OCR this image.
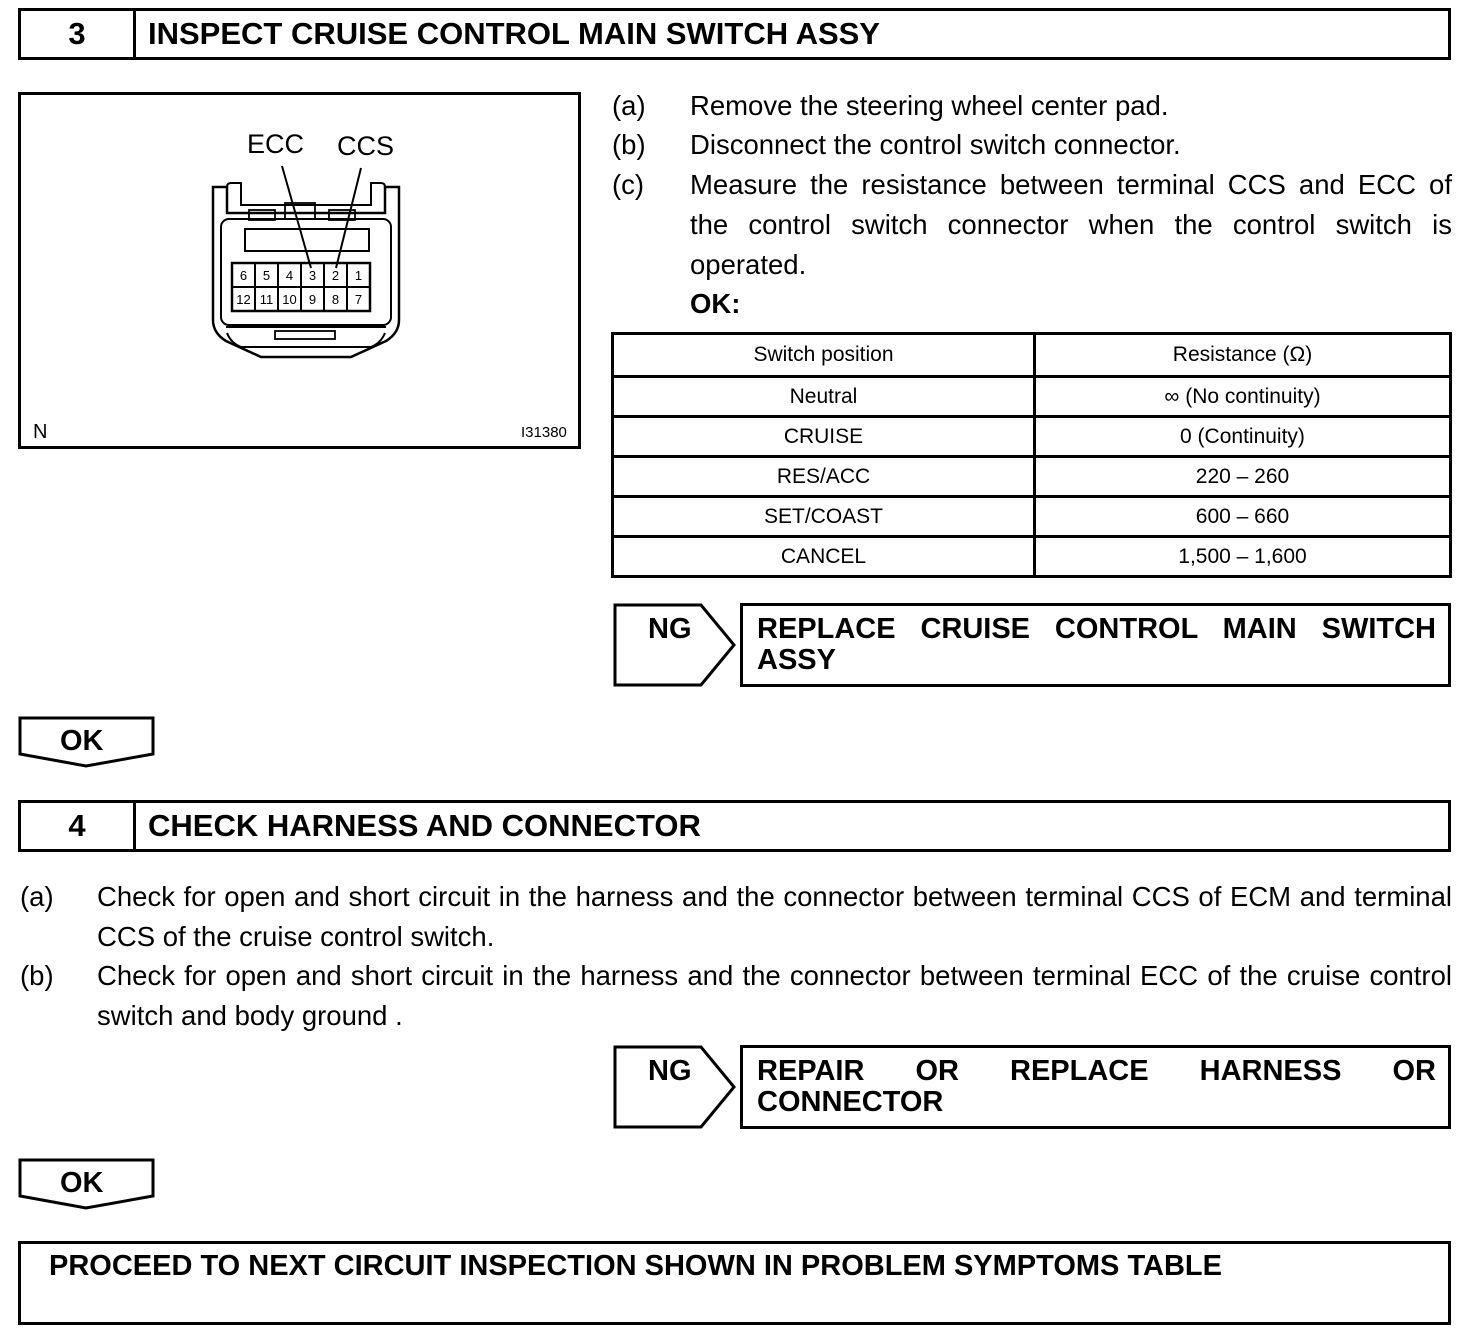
3	INSPECT CRUISE CONTROL MAIN SWITCH ASSY
6 5 4 3 2 1
12 11 10 9 8 7
ECC CCS
N	I31380
(a) Remove the steering wheel center pad.
(b) Disconnect the control switch connector.
(c) Measure the resistance between terminal CCS and ECC of the control switch connector when the control switch is operated.
OK:
Switch position	Resistance (Ω)
Neutral	∞ (No continuity)
CRUISE	0 (Continuity)
RES/ACC	220 – 260
SET/COAST	600 – 660
CANCEL	1,500 – 1,600
NG	REPLACE CRUISE CONTROL MAIN SWITCH ASSY
OK
4	CHECK HARNESS AND CONNECTOR
(a) Check for open and short circuit in the harness and the connector between terminal CCS of ECM and terminal CCS of the cruise control switch.
(b) Check for open and short circuit in the harness and the connector between terminal ECC of the cruise control switch and body ground .
NG	REPAIR OR REPLACE HARNESS OR CONNECTOR
OK
PROCEED TO NEXT CIRCUIT INSPECTION SHOWN IN PROBLEM SYMPTOMS TABLE
